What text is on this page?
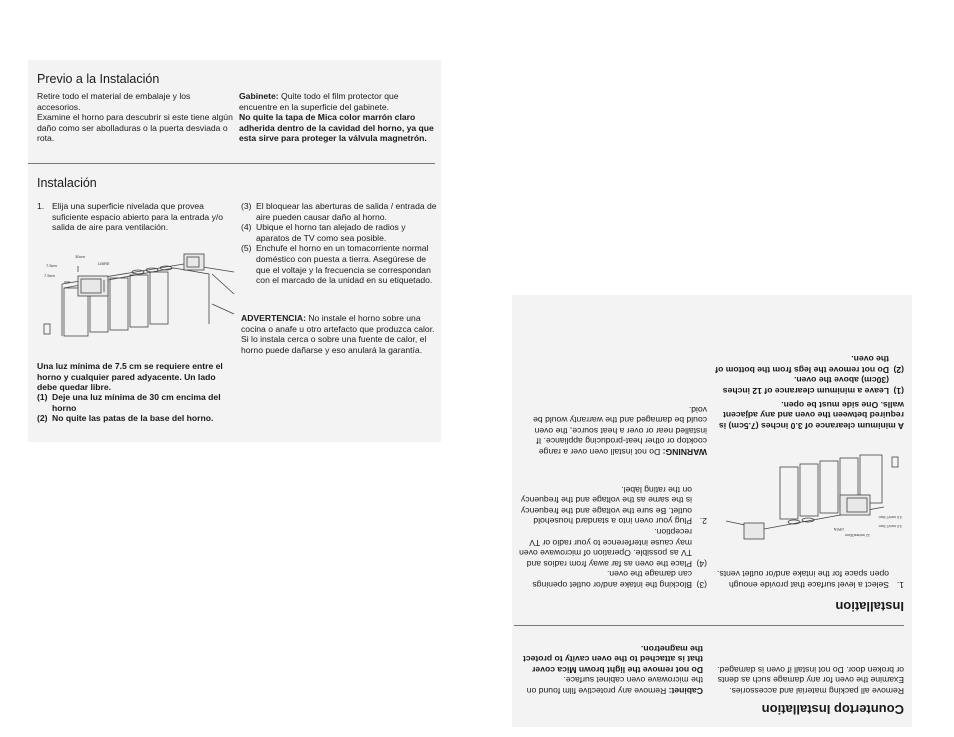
Previo a la Instalación
Retire todo el material de embalaje y los accesorios.
Examine el horno para descubrir si este tiene algún daño como ser abolladuras o la puerta desviada o rota.
Gabinete: Quite todo el film protector que encuentre en la superficie del gabinete.
No quite la tapa de Mica color marrón claro adherida dentro de la cavidad del horno, ya que esta sirve para proteger la válvula magnetrón.
Instalación
1. Elija una superficie nivelada que provea suficiente espacio abierto para la entrada y/o salida de aire para ventilación.
30cm
7.5cm	LIBRE
7.5cm
(3) El bloquear las aberturas de salida / entrada de aire pueden causar daño al horno.
(4) Ubique el horno tan alejado de radios y aparatos de TV como sea posible.
(5) Enchufe el horno en un tomacorriente normal doméstico con puesta a tierra. Asegúrese de que el voltaje y la frecuencia se correspondan con el marcado de la unidad en su etiquetado.
ADVERTENCIA: No instale el horno sobre una cocina o anafe u otro artefacto que produzca calor. Si lo instala cerca o sobre una fuente de calor, el horno puede dañarse y eso anulará la garantía.
Una luz mínima de 7.5 cm se requiere entre el horno y cualquier pared adyacente. Un lado debe quedar libre.
(1) Deje una luz mínima de 30 cm encima del horno
(2) No quite las patas de la base del horno.
Countertop Installation
Remove all packing material and accessories. Examine the oven for any damage such as dents or broken door. Do not install if oven is damaged.
Cabinet: Remove any protective film found on the microwave oven cabinet surface.
Do not remove the light brown Mica cover that is attached to the oven cavity to protect the magnetron.
Installation
1.Select a level surface that provide enough open space for the intake and/or outlet vents.
12 inches/30cm
3.0 inch/7.5cm
OPEN
3.0 inch/7.5cm
(3)
Blocking the intake and/or outlet openings can damage the oven.
(4)
Place the oven as far away from radios and TV as possible. Operation of microwave oven may cause interference to your radio or TV reception.
2.
Plug your oven into a standard household outlet. Be sure the voltage and the frequency is the same as the voltage and the frequency on the rating label.
WARNING: Do not install oven over a range cooktop or other heat-producing appliance. If installed near or over a heat source, the oven could be damaged and the warranty would be void.
A minimum clearance of 3.0 inches (7.5cm) is required between the oven and any adjacent walls. One side must be open.
(1)
Leave a minimum clearance of 12 inches (30cm) above the oven.
(2)
Do not remove the legs from the bottom of the oven.
